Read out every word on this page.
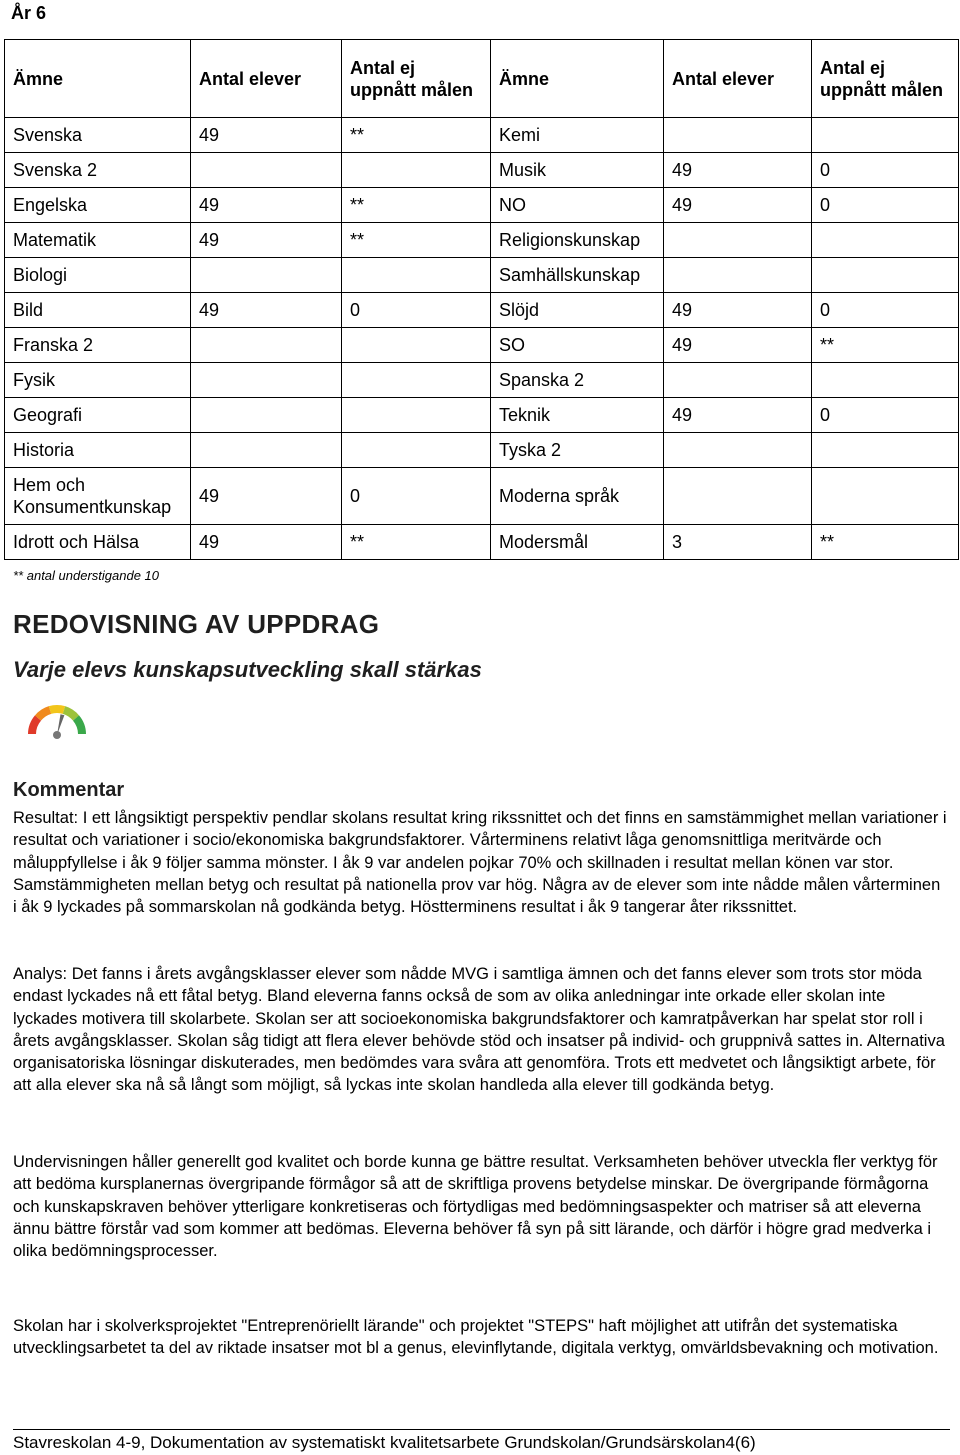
År 6
Ämne	Antal elever	Antal ej uppnått målen	Ämne	Antal elever	Antal ej uppnått målen
Svenska	49	**	Kemi		
Svenska 2			Musik	49	0
Engelska	49	**	NO	49	0
Matematik	49	**	Religionskunskap		
Biologi			Samhällskunskap		
Bild	49	0	Slöjd	49	0
Franska 2			SO	49	**
Fysik			Spanska 2		
Geografi			Teknik	49	0
Historia			Tyska 2		
Hem och Konsumentkunskap	49	0	Moderna språk		
Idrott och Hälsa	49	**	Modersmål	3	**
** antal understigande 10
REDOVISNING AV UPPDRAG
Varje elevs kunskapsutveckling skall stärkas
Kommentar

Resultat: I ett långsiktigt perspektiv pendlar skolans resultat kring rikssnittet och det finns en samstämmighet mellan variationer i resultat och variationer i socio/ekonomiska bakgrundsfaktorer. Vårterminens relativt låga genomsnittliga meritvärde och måluppfyllelse i åk 9 följer samma mönster. I åk 9 var andelen pojkar 70% och skillnaden i resultat mellan könen var stor. Samstämmigheten mellan betyg och resultat på nationella prov var hög. Några av de elever som inte nådde målen vårterminen i åk 9 lyckades på sommarskolan nå godkända betyg. Höstterminens resultat i åk 9 tangerar åter rikssnittet.

Analys: Det fanns i årets avgångsklasser elever som nådde MVG i samtliga ämnen och det fanns elever som trots stor möda endast lyckades nå ett fåtal betyg. Bland eleverna fanns också de som av olika anledningar inte orkade eller skolan inte lyckades motivera till skolarbete. Skolan ser att socioekonomiska bakgrundsfaktorer och kamratpåverkan har spelat stor roll i årets avgångsklasser. Skolan såg tidigt att flera elever behövde stöd och insatser på individ- och gruppnivå sattes in. Alternativa organisatoriska lösningar diskuterades, men bedömdes vara svåra att genomföra. Trots ett medvetet och långsiktigt arbete, för att alla elever ska nå så långt som möjligt, så lyckas inte skolan handleda alla elever till godkända betyg.

Undervisningen håller generellt god kvalitet och borde kunna ge bättre resultat. Verksamheten behöver utveckla fler verktyg för att bedöma kursplanernas övergripande förmågor så att de skriftliga provens betydelse minskar. De övergripande förmågorna och kunskapskraven behöver ytterligare konkretiseras och förtydligas med bedömningsaspekter och matriser så att eleverna ännu bättre förstår vad som kommer att bedömas. Eleverna behöver få syn på sitt lärande, och därför i högre grad medverka i olika bedömningsprocesser.

Skolan har i skolverksprojektet "Entreprenöriellt lärande" och projektet "STEPS" haft möjlighet att utifrån det systematiska utvecklingsarbetet ta del av riktade insatser mot bl a genus, elevinflytande, digitala verktyg, omvärldsbevakning och motivation.

Stavreskolan 4-9, Dokumentation av systematiskt kvalitetsarbete Grundskolan/Grundsärskolan4(6)
